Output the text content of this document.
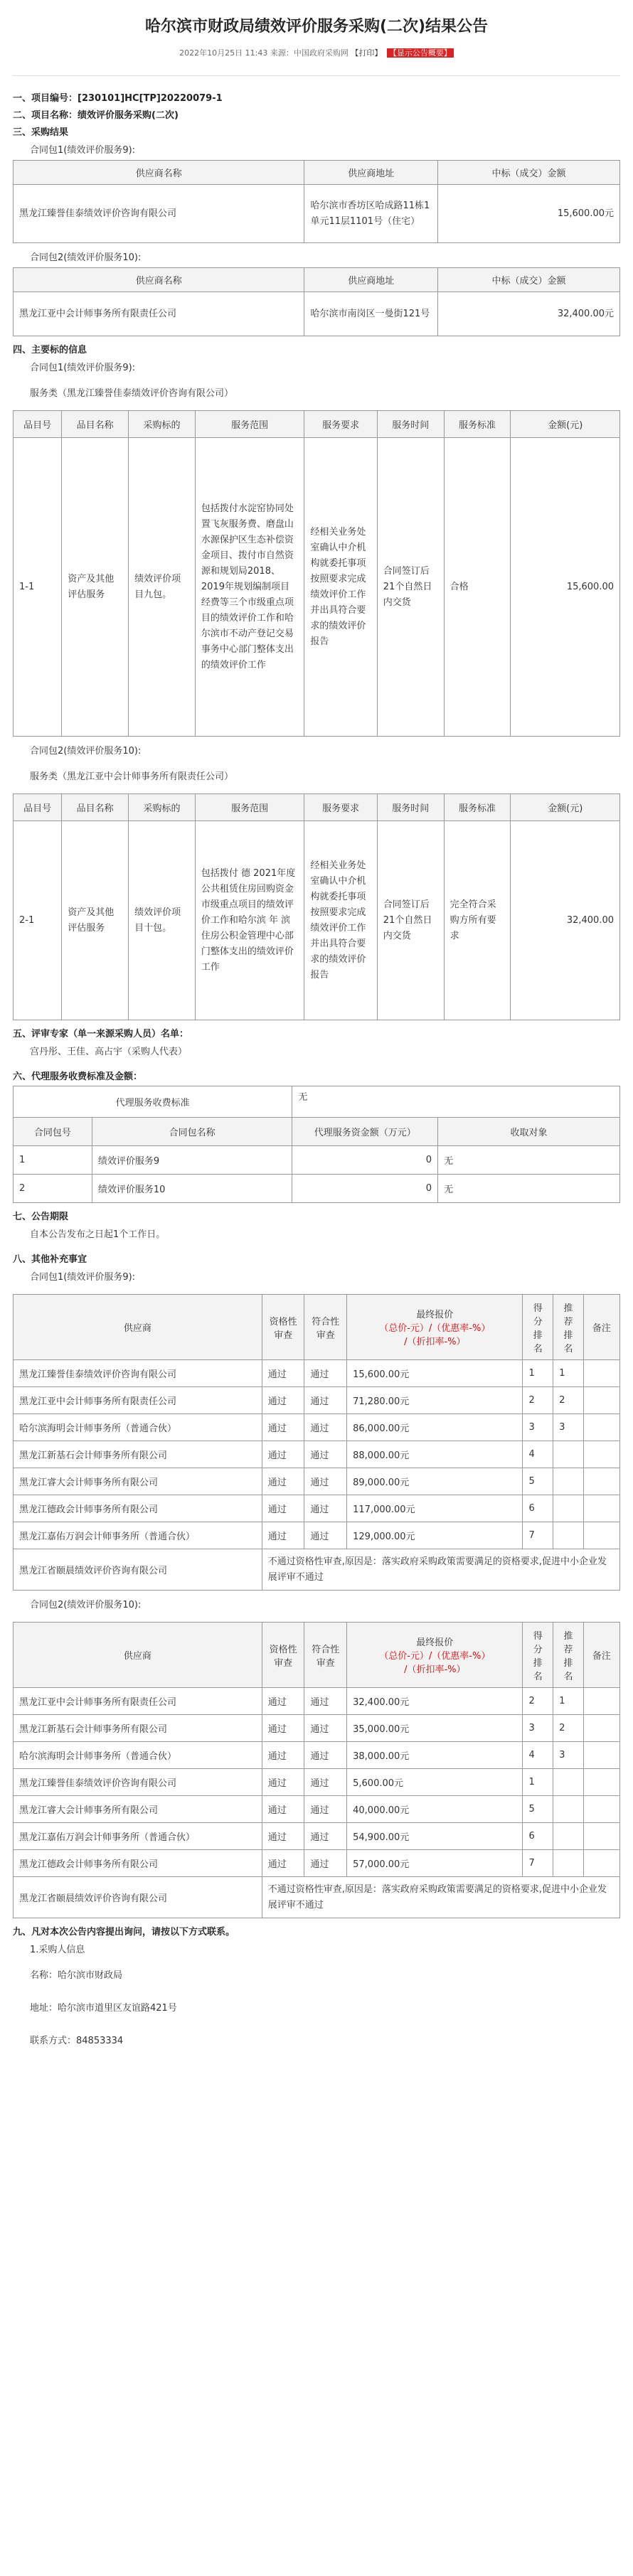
哈尔滨市财政局绩效评价服务采购(二次)结果公告
2022年10月25日 11:43 来源：中国政府采购网 【打印】 【显示公告概要】
一、项目编号：[230101]HC[TP]20220079-1
二、项目名称：绩效评价服务采购(二次)
三、采购结果
合同包1(绩效评价服务9):
供应商名称	供应商地址	中标（成交）金额
黑龙江臻誉佳泰绩效评价咨询有限公司	哈尔滨市香坊区哈成路11栋1单元11层1101号（住宅）	15,600.00元
合同包2(绩效评价服务10):
供应商名称	供应商地址	中标（成交）金额
黑龙江亚中会计师事务所有限责任公司	哈尔滨市南岗区一曼街121号	32,400.00元
四、主要标的信息
合同包1(绩效评价服务9):
服务类（黑龙江臻誉佳泰绩效评价咨询有限公司）
品目号	品目名称	采购标的	服务范围	服务要求	服务时间	服务标准	金额(元)
1-1	资产及其他评估服务	绩效评价项目九包。	包括拨付水淀窑协同处置飞灰服务费、磨盘山水源保护区生态补偿资金项目、拨付市自然资源和规划局2018、2019年规划编制项目经费等三个市级重点项目的绩效评价工作和哈尔滨市不动产登记交易事务中心部门整体支出的绩效评价工作	经相关业务处室确认中介机构就委托事项按照要求完成绩效评价工作并出具符合要求的绩效评价报告	合同签订后21个自然日内交货	合格	15,600.00
合同包2(绩效评价服务10):
服务类（黑龙江亚中会计师事务所有限责任公司）
品目号	品目名称	采购标的	服务范围	服务要求	服务时间	服务标准	金额(元)
2-1	资产及其他评估服务	绩效评价项目十包。	包括拨付 德 2021年度公共租赁住房回购资金市级重点项目的绩效评价工作和哈尔滨 年 滨住房公积金管理中心部门整体支出的绩效评价工作	经相关业务处室确认中介机构就委托事项按照要求完成绩效评价工作并出具符合要求的绩效评价报告	合同签订后21个自然日内交货	完全符合采购方所有要求	32,400.00
五、评审专家（单一来源采购人员）名单：
宫丹彤、王佳、高占宇（采购人代表）
六、代理服务收费标准及金额：
代理服务收费标准		无	
合同包号	合同包名称	代理服务资金额（万元）	收取对象
1	绩效评价服务9	0	无
2	绩效评价服务10	0	无
七、公告期限
自本公告发布之日起1个工作日。
八、其他补充事宜
合同包1(绩效评价服务9):
供应商	资格性审查	符合性审查	最终报价
（总价-元）/（优惠率-%）
/（折扣率-%）	得分排名	推荐排名	备注
黑龙江臻誉佳泰绩效评价咨询有限公司	通过	通过	15,600.00元	1	1	
黑龙江亚中会计师事务所有限责任公司	通过	通过	71,280.00元	2	2	
哈尔滨海明会计师事务所（普通合伙）	通过	通过	86,000.00元	3	3	
黑龙江新基石会计师事务所有限公司	通过	通过	88,000.00元	4		
黑龙江睿大会计师事务所有限公司	通过	通过	89,000.00元	5		
黑龙江德政会计师事务所有限公司	通过	通过	117,000.00元	6		
黑龙江嘉佑万润会计师事务所（普通合伙）	通过	通过	129,000.00元	7		
黑龙江省颐晨绩效评价咨询有限公司	不通过资格性审查,原因是：落实政府采购政策需要满足的资格要求,促进中小企业发展评审不通过					
合同包2(绩效评价服务10):
供应商	资格性审查	符合性审查	最终报价
（总价-元）/（优惠率-%）
/（折扣率-%）	得分排名	推荐排名	备注
黑龙江亚中会计师事务所有限责任公司	通过	通过	32,400.00元	2	1	
黑龙江新基石会计师事务所有限公司	通过	通过	35,000.00元	3	2	
哈尔滨海明会计师事务所（普通合伙）	通过	通过	38,000.00元	4	3	
黑龙江臻誉佳泰绩效评价咨询有限公司	通过	通过	5,600.00元	1		
黑龙江睿大会计师事务所有限公司	通过	通过	40,000.00元	5		
黑龙江嘉佑万润会计师事务所（普通合伙）	通过	通过	54,900.00元	6		
黑龙江德政会计师事务所有限公司	通过	通过	57,000.00元	7		
黑龙江省颐晨绩效评价咨询有限公司	不通过资格性审查,原因是：落实政府采购政策需要满足的资格要求,促进中小企业发展评审不通过					
九、凡对本次公告内容提出询问，请按以下方式联系。
1.采购人信息
名称：哈尔滨市财政局
地址：哈尔滨市道里区友谊路421号
联系方式：84853334
